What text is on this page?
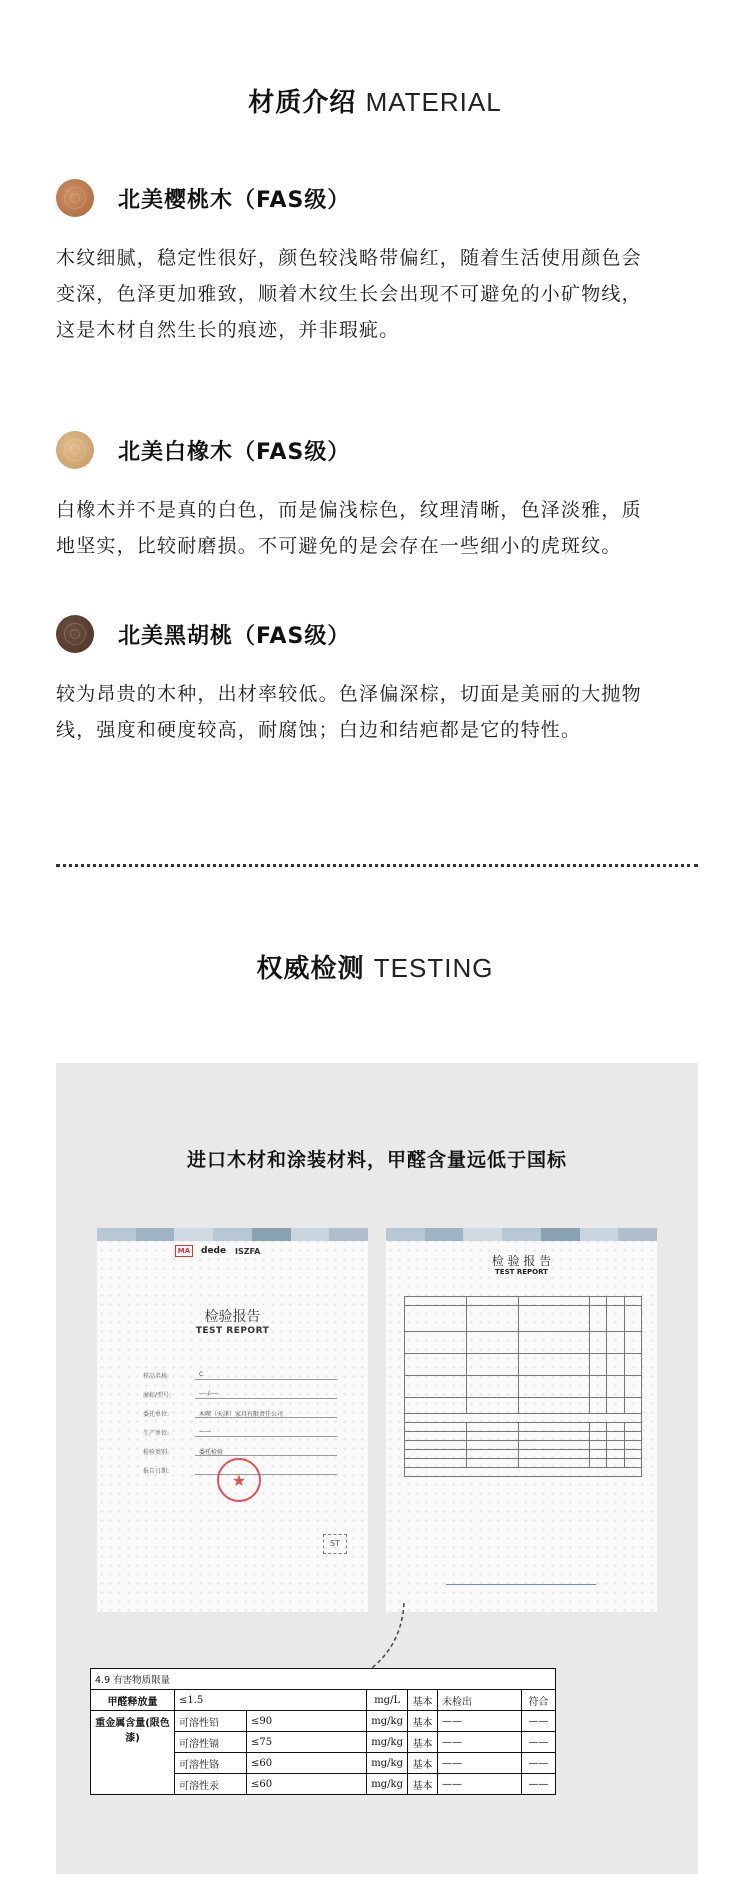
材质介绍 MATERIAL
北美樱桃木（FAS级）
木纹细腻，稳定性很好，颜色较浅略带偏红，随着生活使用颜色会
变深，色泽更加雅致，顺着木纹生长会出现不可避免的小矿物线，
这是木材自然生长的痕迹，并非瑕疵。
北美白橡木（FAS级）
白橡木并不是真的白色，而是偏浅棕色，纹理清晰，色泽淡雅，质
地坚实，比较耐磨损。不可避免的是会存在一些细小的虎斑纹。
北美黑胡桃（FAS级）
较为昂贵的木种，出材率较低。色泽偏深棕，切面是美丽的大抛物
线，强度和硬度较高，耐腐蚀；白边和结疤都是它的特性。
权威检测 TESTING
进口木材和涂装材料，甲醛含量远低于国标
MA	dede ISZFA
检验报告
TEST REPORT
样品名称:	C
商标/型号:	----/----
委托单位:	木喫（天津）家具有限责任公司
生产单位:	——
检验类别:	委托检验
报告日期:	★
ST
检 验 报 告
TEST REPORT

4.9 有害物质限量						
甲醛释放量	≤1.5		mg/L	基本	未检出	符合
重金属含量(限色漆)	可溶性铅	≤90	mg/kg	基本	——	——
	可溶性镉	≤75	mg/kg	基本	——	——
	可溶性铬	≤60	mg/kg	基本	——	——
	可溶性汞	≤60	mg/kg	基本	——	——
